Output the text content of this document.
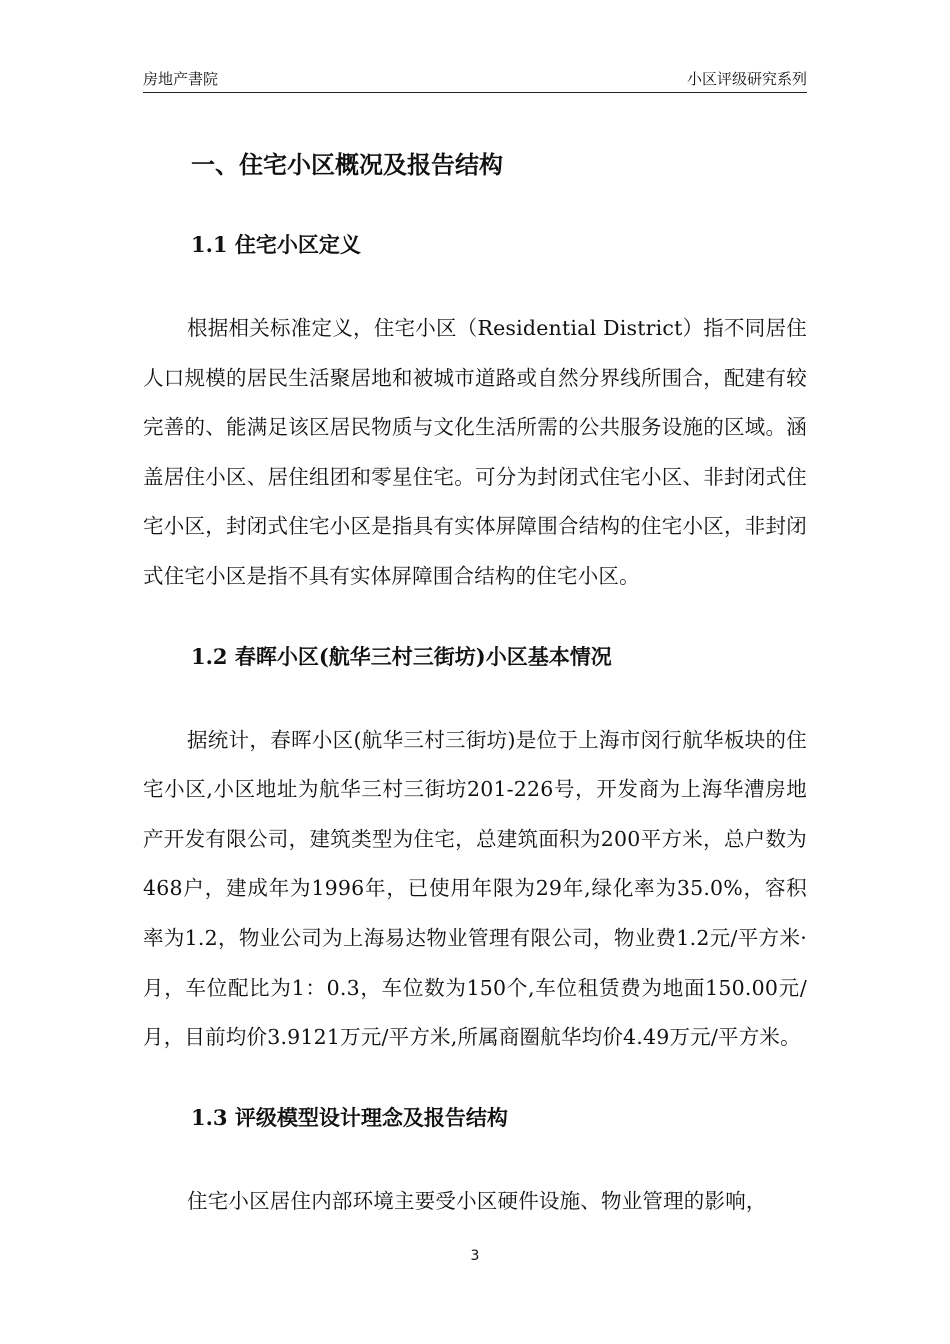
房地产書院	小区评级研究系列
一、住宅小区概况及报告结构
1.1 住宅小区定义

根据相关标准定义，住宅小区（Residential District）指不同居住人口规模的居民生活聚居地和被城市道路或自然分界线所围合，配建有较完善的、能满足该区居民物质与文化生活所需的公共服务设施的区域。涵盖居住小区、居住组团和零星住宅。可分为封闭式住宅小区、非封闭式住宅小区，封闭式住宅小区是指具有实体屏障围合结构的住宅小区，非封闭式住宅小区是指不具有实体屏障围合结构的住宅小区。

1.2 春晖小区(航华三村三街坊)小区基本情况

据统计，春晖小区(航华三村三街坊)是位于上海市闵行航华板块的住宅小区,小区地址为航华三村三街坊201-226号，开发商为上海华漕房地产开发有限公司，建筑类型为住宅，总建筑面积为200平方米，总户数为468户，建成年为1996年，已使用年限为29年,绿化率为35.0%，容积率为1.2，物业公司为上海易达物业管理有限公司，物业费1.2元/平方米·月，车位配比为1：0.3，车位数为150个,车位租赁费为地面150.00元/月，目前均价3.9121万元/平方米,所属商圈航华均价4.49万元/平方米。

1.3 评级模型设计理念及报告结构

住宅小区居住内部环境主要受小区硬件设施、物业管理的影响，

3
